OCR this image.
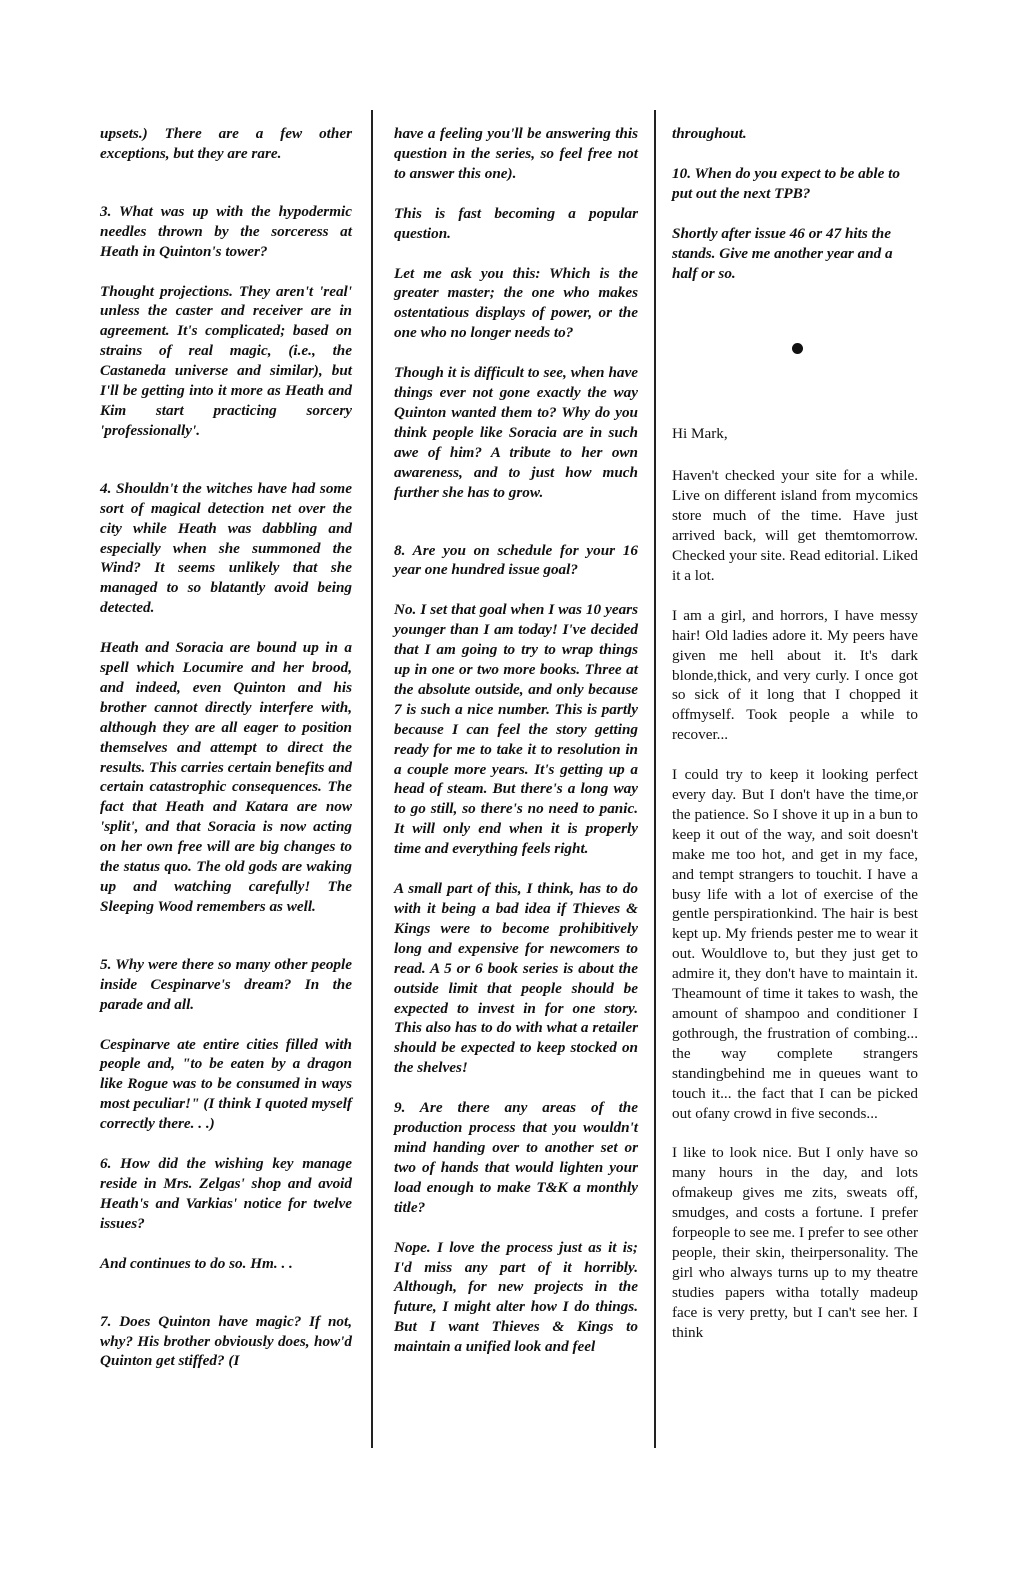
upsets.) There are a few other exceptions, but they are rare.

3. What was up with the hypodermic needles thrown by the sorceress at Heath in Quinton's tower?

Thought projections. They aren't 'real' unless the caster and receiver are in agreement. It's complicated; based on strains of real magic, (i.e., the Castaneda universe and similar), but I'll be getting into it more as Heath and Kim start practicing sorcery 'professionally'.

4. Shouldn't the witches have had some sort of magical detection net over the city while Heath was dabbling and especially when she summoned the Wind? It seems unlikely that she managed to so blatantly avoid being detected.

Heath and Soracia are bound up in a spell which Locumire and her brood, and indeed, even Quinton and his brother cannot directly interfere with, although they are all eager to position themselves and attempt to direct the results. This carries certain benefits and certain catastrophic consequences. The fact that Heath and Katara are now 'split', and that Soracia is now acting on her own free will are big changes to the status quo. The old gods are waking up and watching carefully! The Sleeping Wood remembers as well.

5. Why were there so many other people inside Cespinarve's dream? In the parade and all.

Cespinarve ate entire cities filled with people and, "to be eaten by a dragon like Rogue was to be consumed in ways most peculiar!" (I think I quoted myself correctly there. . .)

6. How did the wishing key manage reside in Mrs. Zelgas' shop and avoid Heath's and Varkias' notice for twelve issues?

And continues to do so. Hm. . .

7. Does Quinton have magic? If not, why? His brother obviously does, how'd Quinton get stiffed? (I

have a feeling you'll be answering this question in the series, so feel free not to answer this one).

This is fast becoming a popular question.

Let me ask you this: Which is the greater master; the one who makes ostentatious displays of power, or the one who no longer needs to?

Though it is difficult to see, when have things ever not gone exactly the way Quinton wanted them to? Why do you think people like Soracia are in such awe of him? A tribute to her own awareness, and to just how much further she has to grow.

8. Are you on schedule for your 16 year one hundred issue goal?

No. I set that goal when I was 10 years younger than I am today! I've decided that I am going to try to wrap things up in one or two more books. Three at the absolute outside, and only because 7 is such a nice number. This is partly because I can feel the story getting ready for me to take it to resolution in a couple more years. It's getting up a head of steam. But there's a long way to go still, so there's no need to panic. It will only end when it is properly time and everything feels right.

A small part of this, I think, has to do with it being a bad idea if Thieves & Kings were to become prohibitively long and expensive for newcomers to read. A 5 or 6 book series is about the outside limit that people should be expected to invest in for one story. This also has to do with what a retailer should be expected to keep stocked on the shelves!

9. Are there any areas of the production process that you wouldn't mind handing over to another set or two of hands that would lighten your load enough to make T&K a monthly title?

Nope. I love the process just as it is; I'd miss any part of it horribly. Although, for new projects in the future, I might alter how I do things. But I want Thieves & Kings to maintain a unified look and feel

throughout.

10. When do you expect to be able to put out the next TPB?

Shortly after issue 46 or 47 hits the stands. Give me another year and a half or so.

Hi Mark,

Haven't checked your site for a while. Live on different island from mycomics store much of the time. Have just arrived back, will get themtomorrow. Checked your site. Read editorial. Liked it a lot.

I am a girl, and horrors, I have messy hair! Old ladies adore it. My peers have given me hell about it. It's dark blonde,thick, and very curly. I once got so sick of it long that I chopped it offmyself. Took people a while to recover...

I could try to keep it looking perfect every day. But I don't have the time,or the patience. So I shove it up in a bun to keep it out of the way, and soit doesn't make me too hot, and get in my face, and tempt strangers to touchit. I have a busy life with a lot of exercise of the gentle perspirationkind. The hair is best kept up. My friends pester me to wear it out. Wouldlove to, but they just get to admire it, they don't have to maintain it. Theamount of time it takes to wash, the amount of shampoo and conditioner I gothrough, the frustration of combing... the way complete strangers standingbehind me in queues want to touch it... the fact that I can be picked out ofany crowd in five seconds...

I like to look nice. But I only have so many hours in the day, and lots ofmakeup gives me zits, sweats off, smudges, and costs a fortune. I prefer forpeople to see me. I prefer to see other people, their skin, theirpersonality. The girl who always turns up to my theatre studies papers witha totally madeup face is very pretty, but I can't see her. I think
